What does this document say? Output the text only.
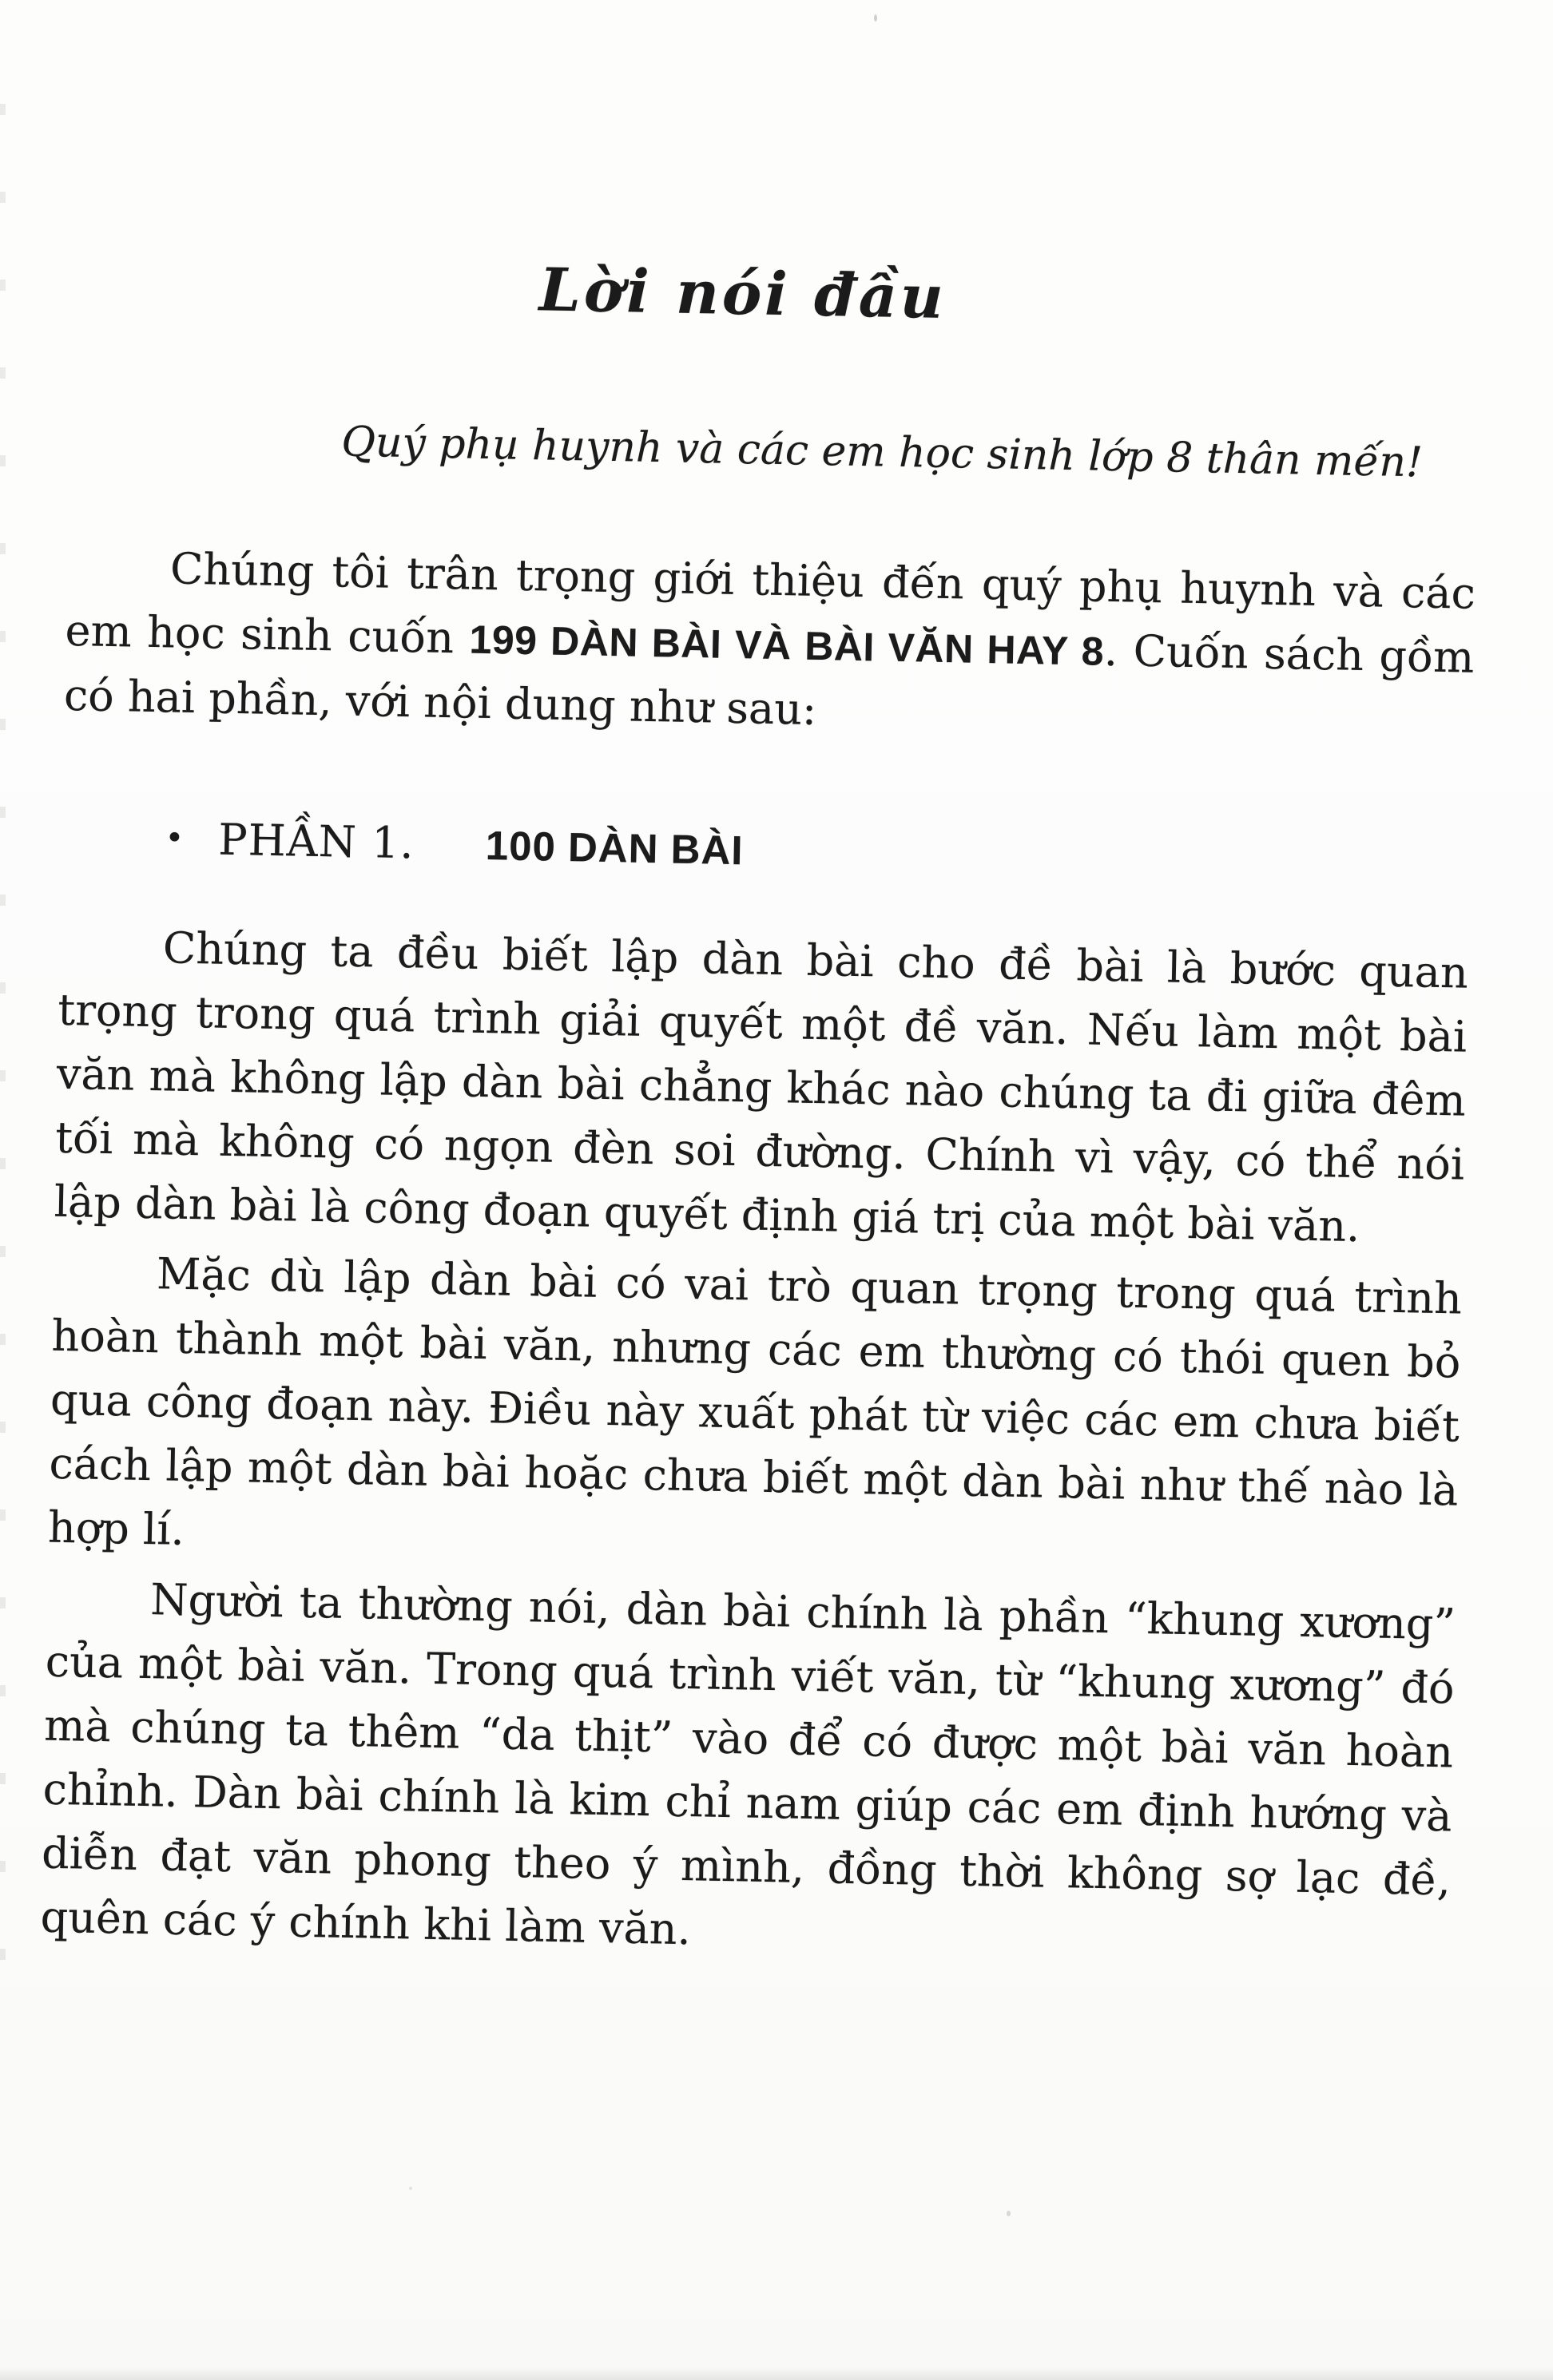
Lời nói đầu

Quý phụ huynh và các em học sinh lớp 8 thân mến!

Chúng tôi trân trọng giới thiệu đến quý phụ huynh và các em học sinh cuốn 199 DÀN BÀI VÀ BÀI VĂN HAY 8. Cuốn sách gồm có hai phần, với nội dung như sau:

• PHẦN 1. 100 DÀN BÀI

Chúng ta đều biết lập dàn bài cho đề bài là bước quan trọng trong quá trình giải quyết một đề văn. Nếu làm một bài văn mà không lập dàn bài chẳng khác nào chúng ta đi giữa đêm tối mà không có ngọn đèn soi đường. Chính vì vậy, có thể nói lập dàn bài là công đoạn quyết định giá trị của một bài văn.

Mặc dù lập dàn bài có vai trò quan trọng trong quá trình hoàn thành một bài văn, nhưng các em thường có thói quen bỏ qua công đoạn này. Điều này xuất phát từ việc các em chưa biết cách lập một dàn bài hoặc chưa biết một dàn bài như thế nào là hợp lí.

Người ta thường nói, dàn bài chính là phần “khung xương” của một bài văn. Trong quá trình viết văn, từ “khung xương” đó mà chúng ta thêm “da thịt” vào để có được một bài văn hoàn chỉnh. Dàn bài chính là kim chỉ nam giúp các em định hướng và diễn đạt văn phong theo ý mình, đồng thời không sợ lạc đề, quên các ý chính khi làm văn.
